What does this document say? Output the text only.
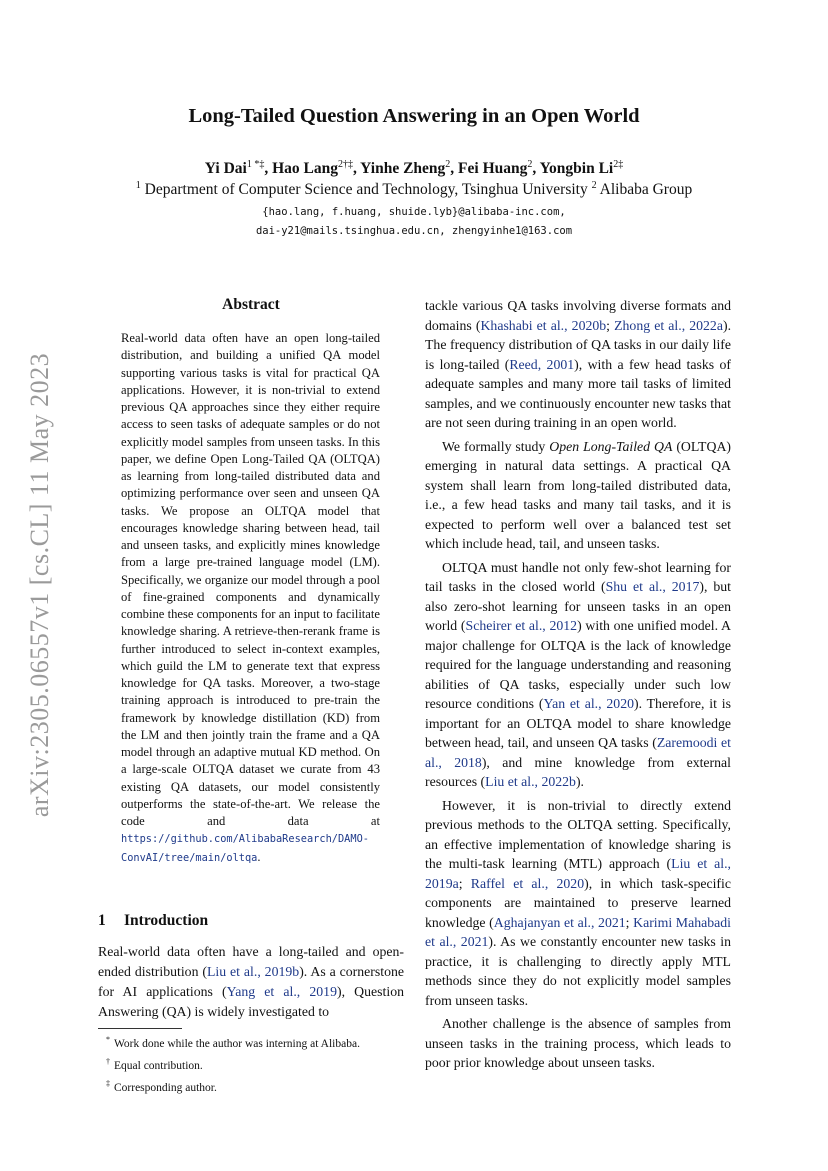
arXiv:2305.06557v1 [cs.CL] 11 May 2023
Long-Tailed Question Answering in an Open World
Yi Dai$^{1 *\ddagger}$, Hao Lang$^{2\dagger\ddagger}$, Yinhe Zheng$^2$, Fei Huang$^2$, Yongbin $Li^{2\ddagger}$
$^1$ Department of Computer Science and Technology, Tsinghua University $^2$ Alibaba Group
{hao.lang, f.huang, shuide.lyb}@alibaba-inc.com,
dai-y21@mails.tsinghua.edu.cn, zhengyinhe1@163.com
Abstract
Real-world data often have an open long-tailed distribution, and building a unified QA model supporting various tasks is vital for practical QA applications. However, it is non-trivial to extend previous QA approaches since they either require access to seen tasks of adequate samples or do not explicitly model samples from unseen tasks. In this paper, we define Open Long-Tailed QA (OLTQA) as learning from long-tailed distributed data and optimizing performance over seen and unseen QA tasks. We propose an OLTQA model that encourages knowledge sharing between head, tail and unseen tasks, and explicitly mines knowledge from a large pre-trained language model (LM). Specifically, we organize our model through a pool of fine-grained components and dynamically combine these components for an input to facilitate knowledge sharing. A retrieve-then-rerank frame is further introduced to select in-context examples, which guild the LM to generate text that express knowledge for QA tasks. Moreover, a two-stage training approach is introduced to pre-train the framework by knowledge distillation (KD) from the LM and then jointly train the frame and a QA model through an adaptive mutual KD method. On a large-scale OLTQA dataset we curate from 43 existing QA datasets, our model consistently outperforms the state-of-the-art. We release the code and data at https://github.com/AlibabaResearch/DAMO-ConvAI/tree/main/oltqa.
1 Introduction
Real-world data often have a long-tailed and open-ended distribution (Liu et al., 2019b). As a cornerstone for AI applications (Yang et al., 2019), Question Answering (QA) is widely investigated to
* Work done while the author was interning at Alibaba.
† Equal contribution.
‡ Corresponding author.

tackle various QA tasks involving diverse formats and domains (Khashabi et al., 2020b; Zhong et al., 2022a). The frequency distribution of QA tasks in our daily life is long-tailed (Reed, 2001), with a few head tasks of adequate samples and many more tail tasks of limited samples, and we continuously encounter new tasks that are not seen during training in an open world.

We formally study Open Long-Tailed QA (OLTQA) emerging in natural data settings. A practical QA system shall learn from long-tailed distributed data, i.e., a few head tasks and many tail tasks, and it is expected to perform well over a balanced test set which include head, tail, and unseen tasks.

OLTQA must handle not only few-shot learning for tail tasks in the closed world (Shu et al., 2017), but also zero-shot learning for unseen tasks in an open world (Scheirer et al., 2012) with one unified model. A major challenge for OLTQA is the lack of knowledge required for the language understanding and reasoning abilities of QA tasks, especially under such low resource conditions (Yan et al., 2020). Therefore, it is important for an OLTQA model to share knowledge between head, tail, and unseen QA tasks (Zaremoodi et al., 2018), and mine knowledge from external resources (Liu et al., 2022b).

However, it is non-trivial to directly extend previous methods to the OLTQA setting. Specifically, an effective implementation of knowledge sharing is the multi-task learning (MTL) approach (Liu et al., 2019a; Raffel et al., 2020), in which task-specific components are maintained to preserve learned knowledge (Aghajanyan et al., 2021; Karimi Mahabadi et al., 2021). As we constantly encounter new tasks in practice, it is challenging to directly apply MTL methods since they do not explicitly model samples from unseen tasks.

Another challenge is the absence of samples from unseen tasks in the training process, which leads to poor prior knowledge about unseen tasks.
